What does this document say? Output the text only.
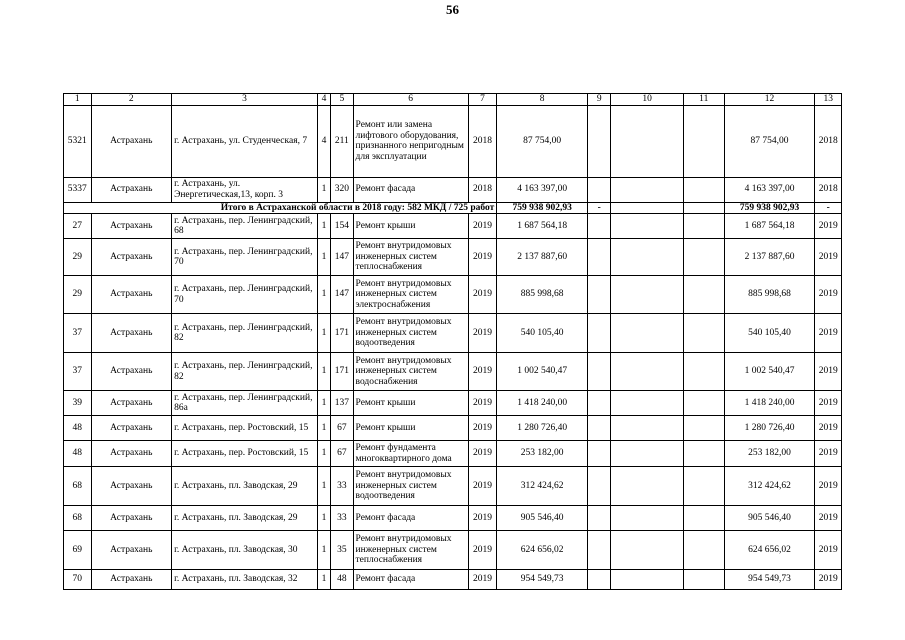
56
1	2	3	4	5	6	7	8	9	10	11	12	13
5321	Астрахань	г. Астрахань, ул. Студенческая, 7	4	211	Ремонт или замена лифтового оборудования, признанного непригодным для эксплуатации	2018	87 754,00				87 754,00	2018
5337	Астрахань	г. Астрахань, ул. Энергетическая,13, корп. 3	1	320	Ремонт фасада	2018	4 163 397,00				4 163 397,00	2018
Итого в Астраханской области в 2018 году: 582 МКД / 725 работ							759 938 902,93	-			759 938 902,93	-
27	Астрахань	г. Астрахань, пер. Ленинградский, 68	1	154	Ремонт крыши	2019	1 687 564,18				1 687 564,18	2019
29	Астрахань	г. Астрахань, пер. Ленинградский, 70	1	147	Ремонт внутридомовых инженерных систем теплоснабжения	2019	2 137 887,60				2 137 887,60	2019
29	Астрахань	г. Астрахань, пер. Ленинградский, 70	1	147	Ремонт внутридомовых инженерных систем электроснабжения	2019	885 998,68				885 998,68	2019
37	Астрахань	г. Астрахань, пер. Ленинградский, 82	1	171	Ремонт внутридомовых инженерных систем водоотведения	2019	540 105,40				540 105,40	2019
37	Астрахань	г. Астрахань, пер. Ленинградский, 82	1	171	Ремонт внутридомовых инженерных систем водоснабжения	2019	1 002 540,47				1 002 540,47	2019
39	Астрахань	г. Астрахань, пер. Ленинградский, 86а	1	137	Ремонт крыши	2019	1 418 240,00				1 418 240,00	2019
48	Астрахань	г. Астрахань, пер. Ростовский, 15	1	67	Ремонт крыши	2019	1 280 726,40				1 280 726,40	2019
48	Астрахань	г. Астрахань, пер. Ростовский, 15	1	67	Ремонт фундамента многоквартирного дома	2019	253 182,00				253 182,00	2019
68	Астрахань	г. Астрахань, пл. Заводская, 29	1	33	Ремонт внутридомовых инженерных систем водоотведения	2019	312 424,62				312 424,62	2019
68	Астрахань	г. Астрахань, пл. Заводская, 29	1	33	Ремонт фасада	2019	905 546,40				905 546,40	2019
69	Астрахань	г. Астрахань, пл. Заводская, 30	1	35	Ремонт внутридомовых инженерных систем теплоснабжения	2019	624 656,02				624 656,02	2019
70	Астрахань	г. Астрахань, пл. Заводская, 32	1	48	Ремонт фасада	2019	954 549,73				954 549,73	2019
